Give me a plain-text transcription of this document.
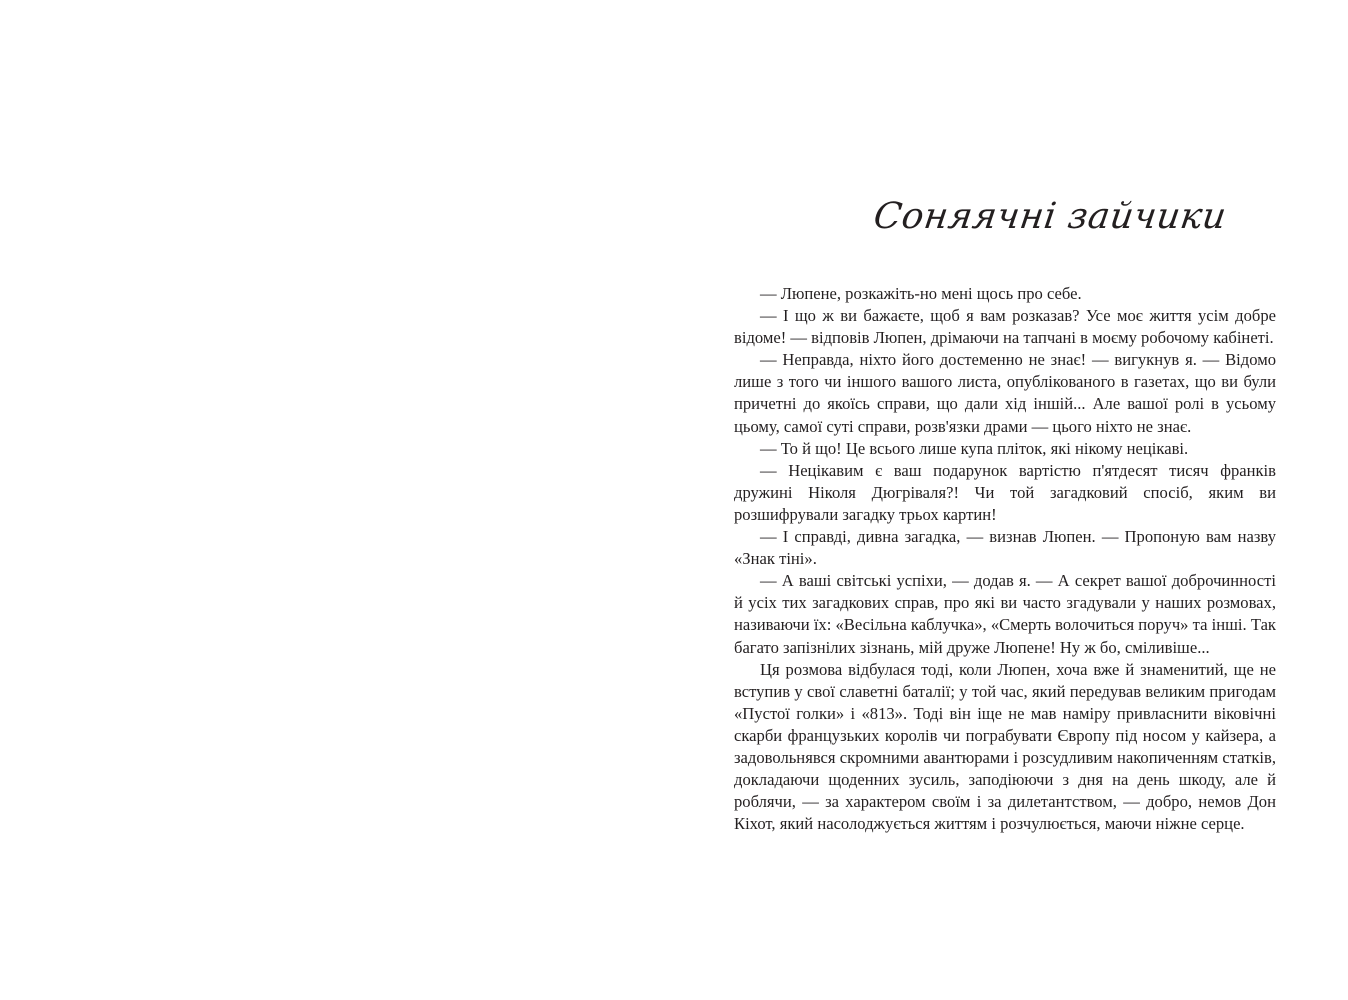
Соняячні зайчики

— Люпене, розкажіть-но мені щось про себе.

— І що ж ви бажаєте, щоб я вам розказав? Усе моє життя усім добре відоме! — відповів Люпен, дрімаючи на тапчані в моєму робочому кабінеті.

— Неправда, ніхто його достеменно не знає! — вигукнув я. — Відомо лише з того чи іншого вашого листа, опублікованого в газетах, що ви були причетні до якоїсь справи, що дали хід іншій... Але вашої ролі в усьому цьому, самої суті справи, розв'язки драми — цього ніхто не знає.

— То й що! Це всього лише купа пліток, які нікому нецікаві.

— Нецікавим є ваш подарунок вартістю п'ятдесят тисяч франків дружині Ніколя Дюгріваля?! Чи той загадковий спосіб, яким ви розшифрували загадку трьох картин!

— І справді, дивна загадка, — визнав Люпен. — Пропоную вам назву «Знак тіні».

— А ваші світські успіхи, — додав я. — А секрет вашої доброчинності й усіх тих загадкових справ, про які ви часто згадували у наших розмовах, називаючи їх: «Весільна каблучка», «Смерть волочиться поруч» та інші. Так багато запізнілих зізнань, мій друже Люпене! Ну ж бо, сміливіше...

Ця розмова відбулася тоді, коли Люпен, хоча вже й знаменитий, ще не вступив у свої славетні баталії; у той час, який передував великим пригодам «Пустої голки» і «813». Тоді він іще не мав наміру привласнити віковічні скарби французьких королів чи пограбувати Європу під носом у кайзера, а задовольнявся скромними авантюрами і розсудливим накопиченням статків, докладаючи щоденних зусиль, заподіюючи з дня на день шкоду, але й роблячи, — за характером своїм і за дилетантством, — добро, немов Дон Кіхот, який насолоджується життям і розчулюється, маючи ніжне серце.
